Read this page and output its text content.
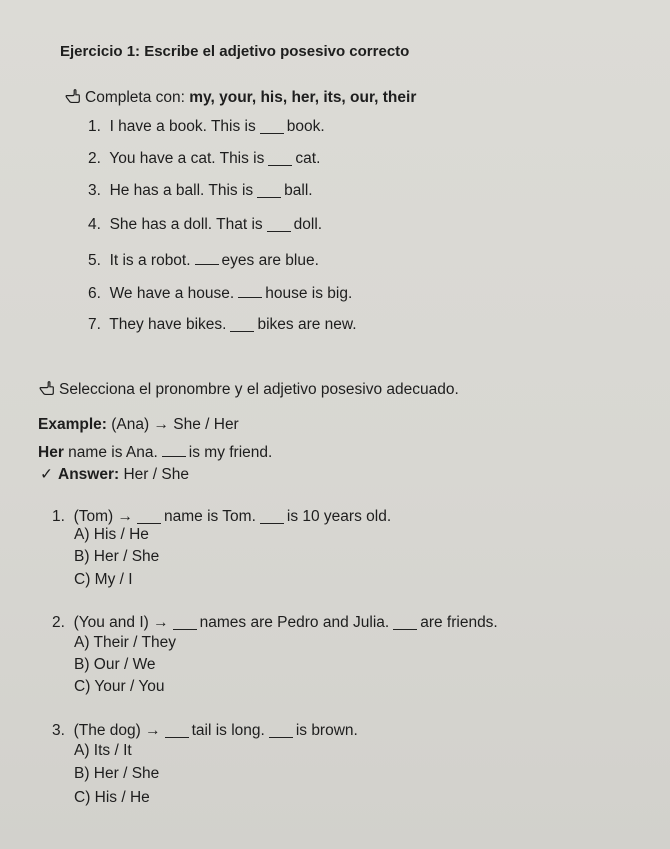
Ejercicio 1: Escribe el adjetivo posesivo correcto
Completa con: my, your, his, her, its, our, their
1. I have a book. This is book.
2. You have a cat. This is cat.
3. He has a ball. This is ball.
4. She has a doll. That is doll.
5. It is a robot. eyes are blue.
6. We have a house. house is big.
7. They have bikes. bikes are new.
Selecciona el pronombre y el adjetivo posesivo adecuado.
Example: (Ana) → She / Her
Her name is Ana. is my friend.
✓ Answer: Her / She
1. (Tom) → name is Tom. is 10 years old.
A) His / He
B) Her / She
C) My / I
2. (You and I) → names are Pedro and Julia. are friends.
A) Their / They
B) Our / We
C) Your / You
3. (The dog) → tail is long. is brown.
A) Its / It
B) Her / She
C) His / He
